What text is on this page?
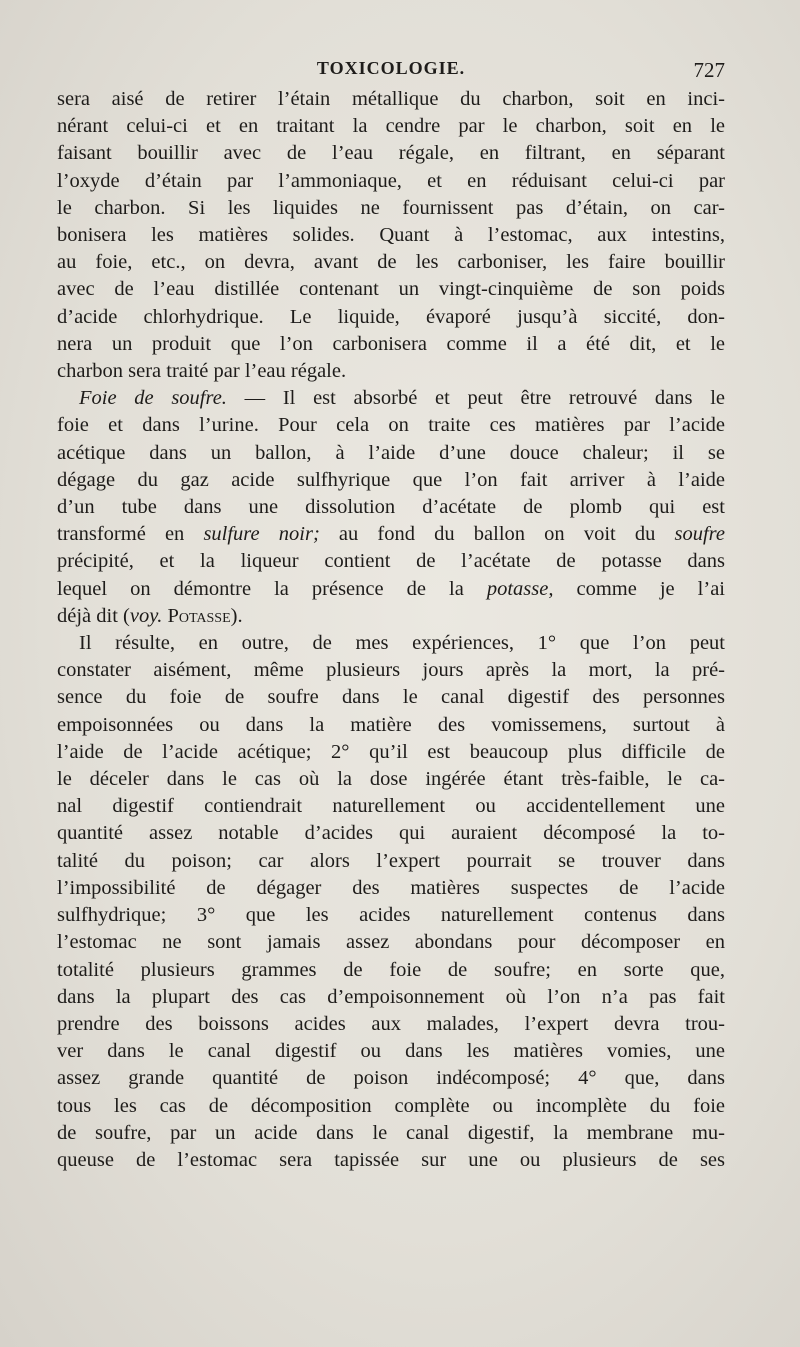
TOXICOLOGIE.	727

sera aisé de retirer l’étain métallique du charbon, soit en inci-
nérant celui-ci et en traitant la cendre par le charbon, soit en le
faisant bouillir avec de l’eau régale, en filtrant, en séparant
l’oxyde d’étain par l’ammoniaque, et en réduisant celui-ci par
le charbon. Si les liquides ne fournissent pas d’étain, on car-
bonisera les matières solides. Quant à l’estomac, aux intestins,
au foie, etc., on devra, avant de les carboniser, les faire bouillir
avec de l’eau distillée contenant un vingt-cinquième de son poids
d’acide chlorhydrique. Le liquide, évaporé jusqu’à siccité, don-
nera un produit que l’on carbonisera comme il a été dit, et le
charbon sera traité par l’eau régale.

Foie de soufre. — Il est absorbé et peut être retrouvé dans le
foie et dans l’urine. Pour cela on traite ces matières par l’acide
acétique dans un ballon, à l’aide d’une douce chaleur; il se
dégage du gaz acide sulfhyrique que l’on fait arriver à l’aide
d’un tube dans une dissolution d’acétate de plomb qui est
transformé en sulfure noir; au fond du ballon on voit du soufre
précipité, et la liqueur contient de l’acétate de potasse dans
lequel on démontre la présence de la potasse, comme je l’ai
déjà dit (voy. Potasse).

Il résulte, en outre, de mes expériences, 1° que l’on peut
constater aisément, même plusieurs jours après la mort, la pré-
sence du foie de soufre dans le canal digestif des personnes
empoisonnées ou dans la matière des vomissemens, surtout à
l’aide de l’acide acétique; 2° qu’il est beaucoup plus difficile de
le déceler dans le cas où la dose ingérée étant très-faible, le ca-
nal digestif contiendrait naturellement ou accidentellement une
quantité assez notable d’acides qui auraient décomposé la to-
talité du poison; car alors l’expert pourrait se trouver dans
l’impossibilité de dégager des matières suspectes de l’acide
sulfhydrique; 3° que les acides naturellement contenus dans
l’estomac ne sont jamais assez abondans pour décomposer en
totalité plusieurs grammes de foie de soufre; en sorte que,
dans la plupart des cas d’empoisonnement où l’on n’a pas fait
prendre des boissons acides aux malades, l’expert devra trou-
ver dans le canal digestif ou dans les matières vomies, une
assez grande quantité de poison indécomposé; 4° que, dans
tous les cas de décomposition complète ou incomplète du foie
de soufre, par un acide dans le canal digestif, la membrane mu-
queuse de l’estomac sera tapissée sur une ou plusieurs de ses
